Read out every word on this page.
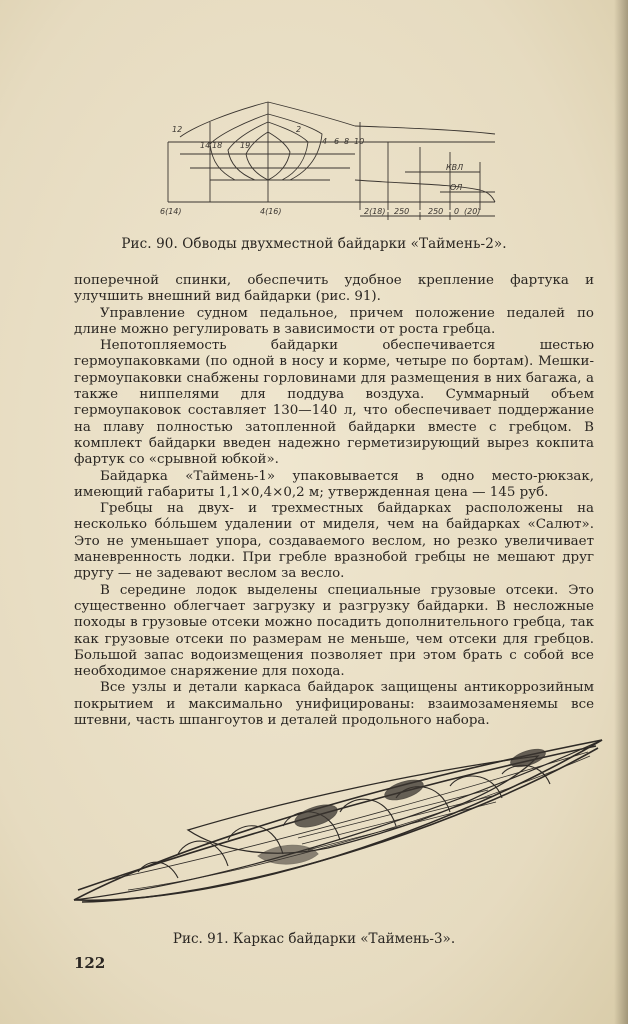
12
14 18 19
2
4 6 8 10
КВЛ
ОЛ
6(14)	4(16)	2(18) 250 250 0 (20)
Рис. 90. Обводы двухместной байдарки «Таймень-2».

поперечной спинки, обеспечить удобное крепление фартука и улучшить внешний вид байдарки (рис. 91).

Управление судном педальное, причем положение педалей по длине можно регулировать в зависимости от роста гребца.

Непотопляемость байдарки обеспечивается шестью гермоупаковками (по одной в носу и корме, четыре по бортам). Мешки-гермоупаковки снабжены горловинами для размещения в них багажа, а также ниппелями для поддува воздуха. Суммарный объем гермоупаковок составляет 130—140 л, что обеспечивает поддержание на плаву полностью затопленной байдарки вместе с гребцом. В комплект байдарки введен надежно герметизирующий вырез кокпита фартук со «срывной юбкой».

Байдарка «Таймень-1» упаковывается в одно место-рюкзак, имеющий габариты 1,1×0,4×0,2 м; утвержденная цена — 145 руб.

Гребцы на двух- и трехместных байдарках расположены на несколько бо́льшем удалении от миделя, чем на байдарках «Салют». Это не уменьшает упора, создаваемого веслом, но резко увеличивает маневренность лодки. При гребле вразнобой гребцы не мешают друг другу — не задевают веслом за весло.

В середине лодок выделены специальные грузовые отсеки. Это существенно облегчает загрузку и разгрузку байдарки. В несложные походы в грузовые отсеки можно посадить дополнительного гребца, так как грузовые отсеки по размерам не меньше, чем отсеки для гребцов. Большой запас водоизмещения позволяет при этом брать с собой все необходимое снаряжение для похода.

Все узлы и детали каркаса байдарок защищены антикоррозийным покрытием и максимально унифицированы: взаимозаменяемы все штевни, часть шпангоутов и деталей продольного набора.

Рис. 91. Каркас байдарки «Таймень-3».
122
